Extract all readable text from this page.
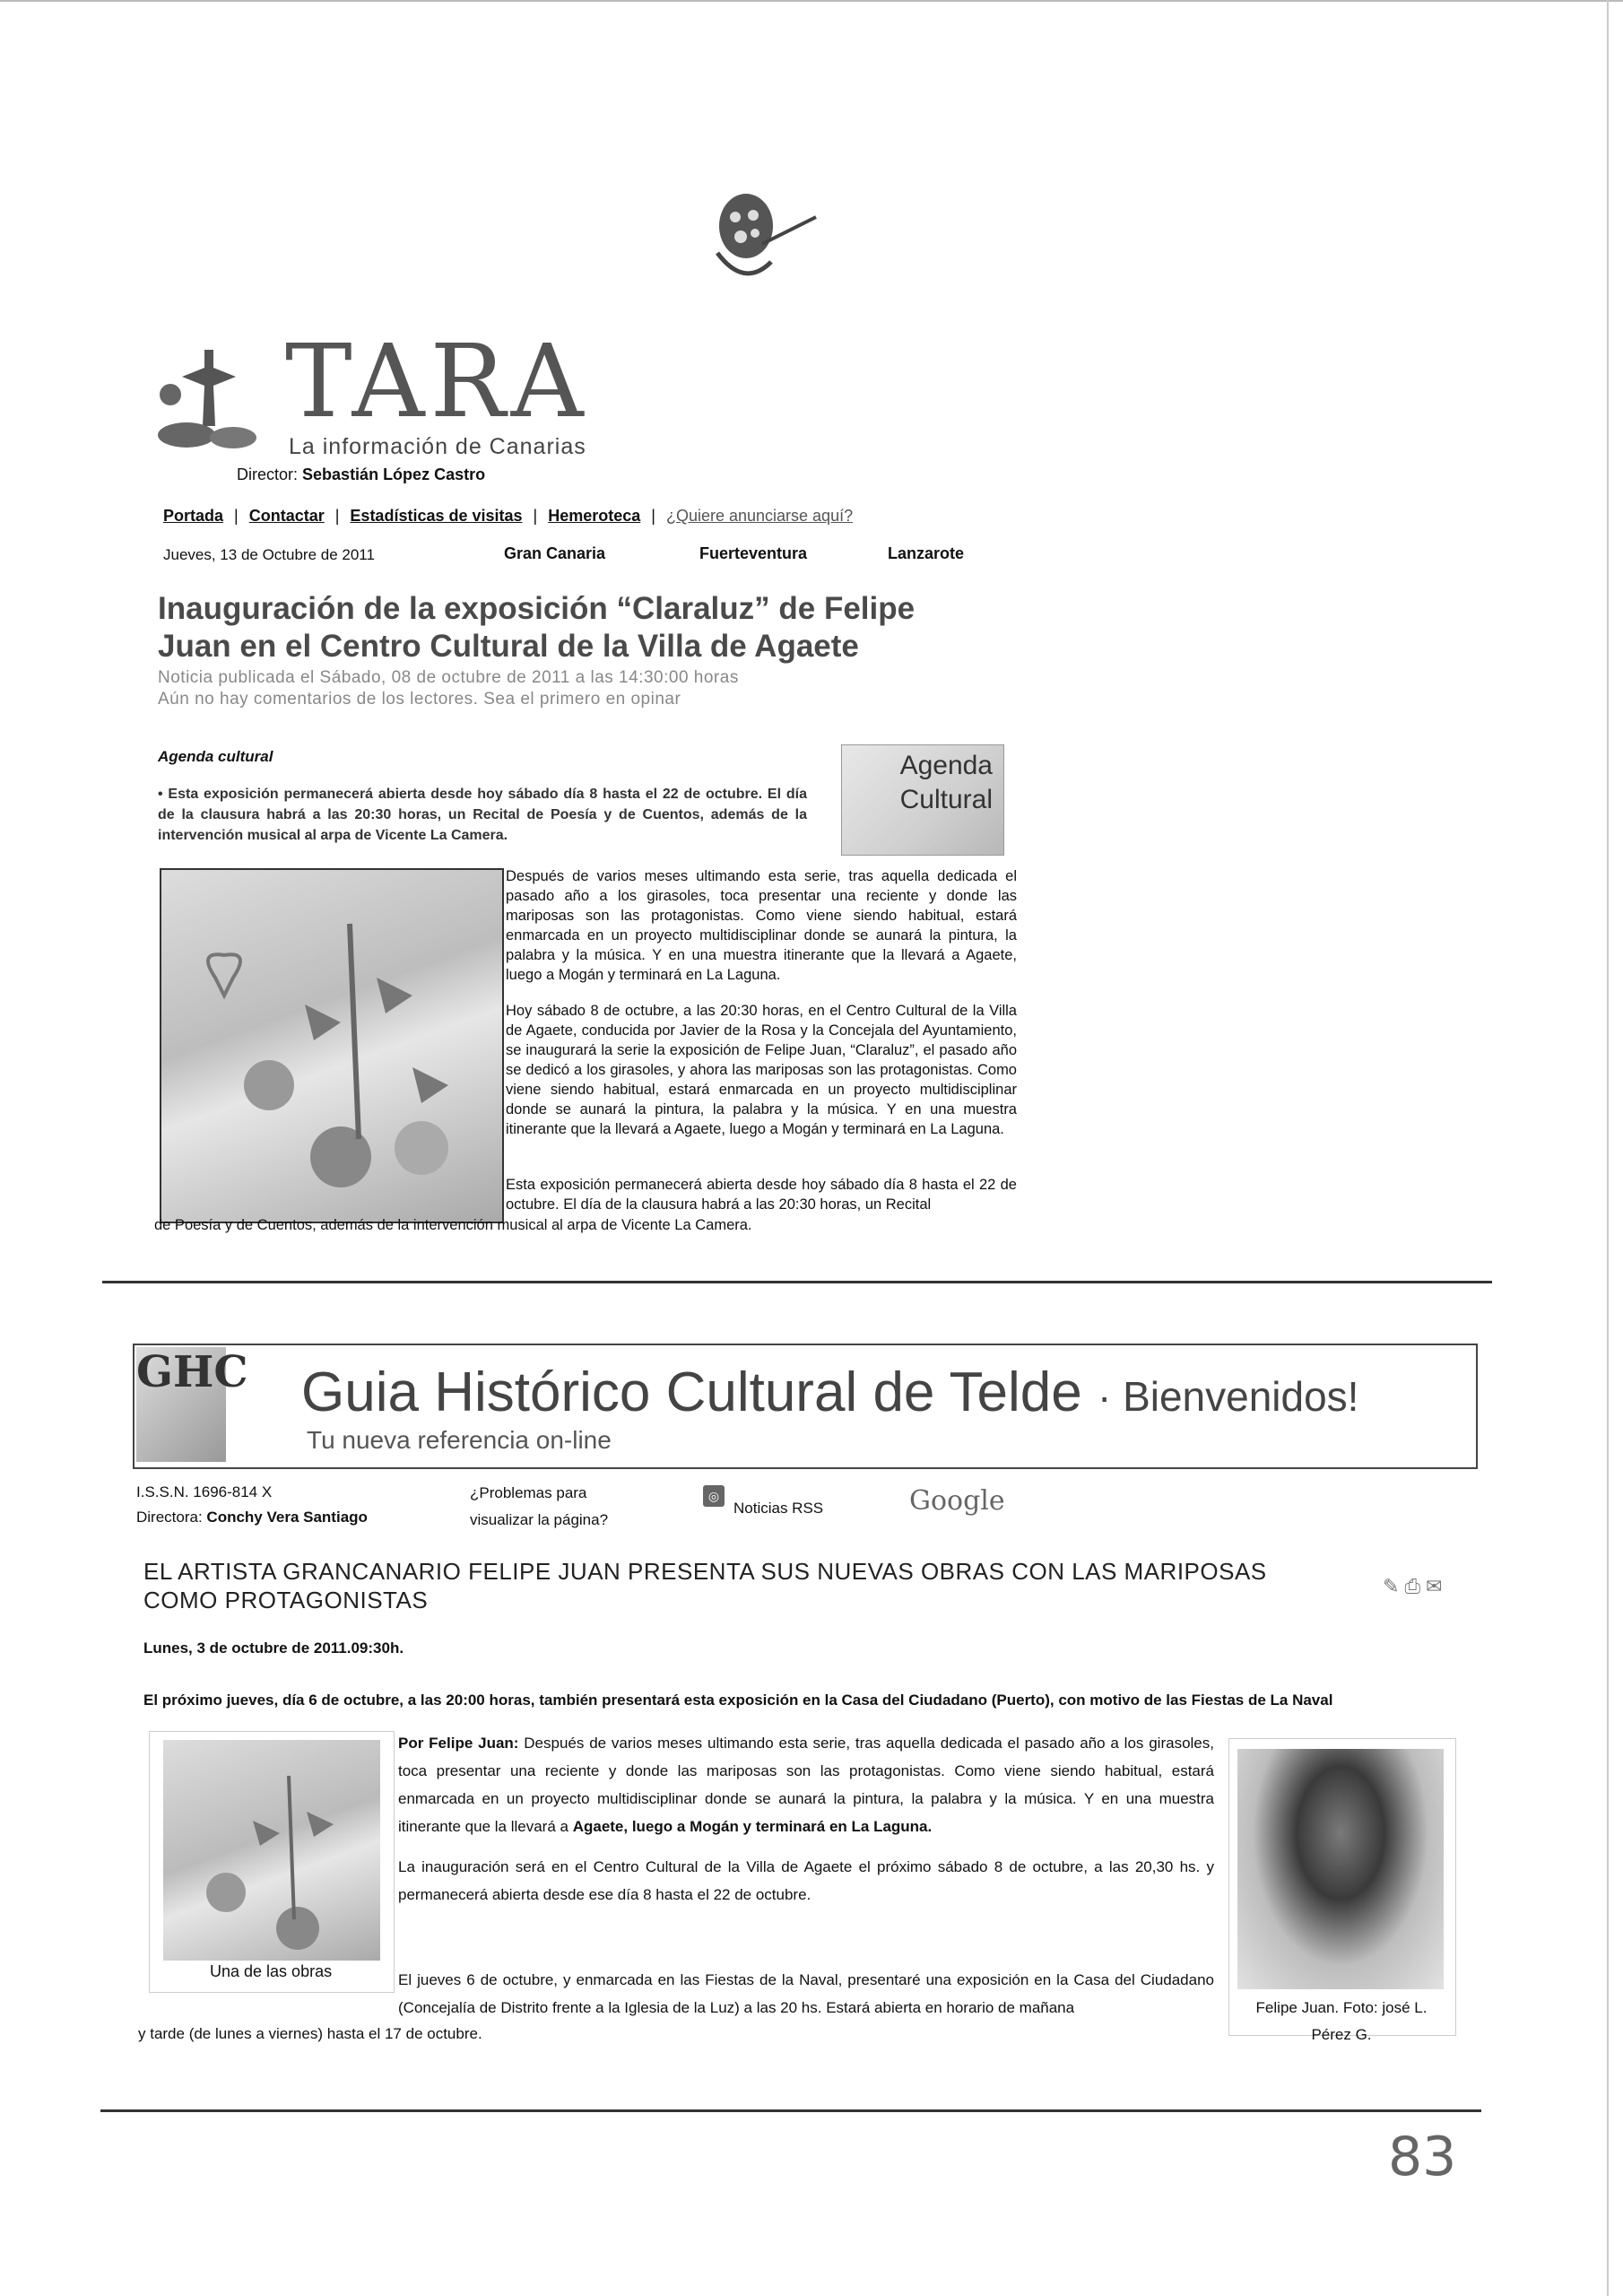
TARA
La información de Canarias
Director: Sebastián López Castro
Portada | Contactar | Estadísticas de visitas | Hemeroteca | ¿Quiere anunciarse aquí?
Jueves, 13 de Octubre de 2011	Gran Canaria	Fuerteventura	Lanzarote
Inauguración de la exposición “Claraluz” de Felipe Juan en el Centro Cultural de la Villa de Agaete
Noticia publicada el Sábado, 08 de octubre de 2011 a las 14:30:00 horas
Aún no hay comentarios de los lectores. Sea el primero en opinar
Agenda cultural
• Esta exposición permanecerá abierta desde hoy sábado día 8 hasta el 22 de octubre. El día de la clausura habrá a las 20:30 horas, un Recital de Poesía y de Cuentos, además de la intervención musical al arpa de Vicente La Camera.
Agenda
Cultural
Después de varios meses ultimando esta serie, tras aquella dedicada el pasado año a los girasoles, toca presentar una reciente y donde las mariposas son las protagonistas. Como viene siendo habitual, estará enmarcada en un proyecto multidisciplinar donde se aunará la pintura, la palabra y la música. Y en una muestra itinerante que la llevará a Agaete, luego a Mogán y terminará en La Laguna.
Hoy sábado 8 de octubre, a las 20:30 horas, en el Centro Cultural de la Villa de Agaete, conducida por Javier de la Rosa y la Concejala del Ayuntamiento, se inaugurará la serie la exposición de Felipe Juan, “Claraluz”, el pasado año se dedicó a los girasoles, y ahora las mariposas son las protagonistas. Como viene siendo habitual, estará enmarcada en un proyecto multidisciplinar donde se aunará la pintura, la palabra y la música. Y en una muestra itinerante que la llevará a Agaete, luego a Mogán y terminará en La Laguna.
Esta exposición permanecerá abierta desde hoy sábado día 8 hasta el 22 de octubre. El día de la clausura habrá a las 20:30 horas, un Recital
de Poesía y de Cuentos, además de la intervención musical al arpa de Vicente La Camera.
GHC Guia Histórico Cultural de Telde · Bienvenidos!
Tu nueva referencia on-line
I.S.S.N. 1696-814 X
Directora: Conchy Vera Santiago
¿Problemas para
visualizar la página?
◎
Noticias RSS	Google
EL ARTISTA GRANCANARIO FELIPE JUAN PRESENTA SUS NUEVAS OBRAS CON LAS MARIPOSAS COMO PROTAGONISTAS
✎⎙✉
Lunes, 3 de octubre de 2011.09:30h.
El próximo jueves, día 6 de octubre, a las 20:00 horas, también presentará esta exposición en la Casa del Ciudadano (Puerto), con motivo de las Fiestas de La Naval
Una de las obras
Por Felipe Juan: Después de varios meses ultimando esta serie, tras aquella dedicada el pasado año a los girasoles, toca presentar una reciente y donde las mariposas son las protagonistas. Como viene siendo habitual, estará enmarcada en un proyecto multidisciplinar donde se aunará la pintura, la palabra y la música. Y en una muestra itinerante que la llevará a Agaete, luego a Mogán y terminará en La Laguna.
La inauguración será en el Centro Cultural de la Villa de Agaete el próximo sábado 8 de octubre, a las 20,30 hs. y permanecerá abierta desde ese día 8 hasta el 22 de octubre.
El jueves 6 de octubre, y enmarcada en las Fiestas de la Naval, presentaré una exposición en la Casa del Ciudadano (Concejalía de Distrito frente a la Iglesia de la Luz) a las 20 hs. Estará abierta en horario de mañana	Felipe Juan. Foto: josé L. Pérez G.
y tarde (de lunes a viernes) hasta el 17 de octubre.
83
